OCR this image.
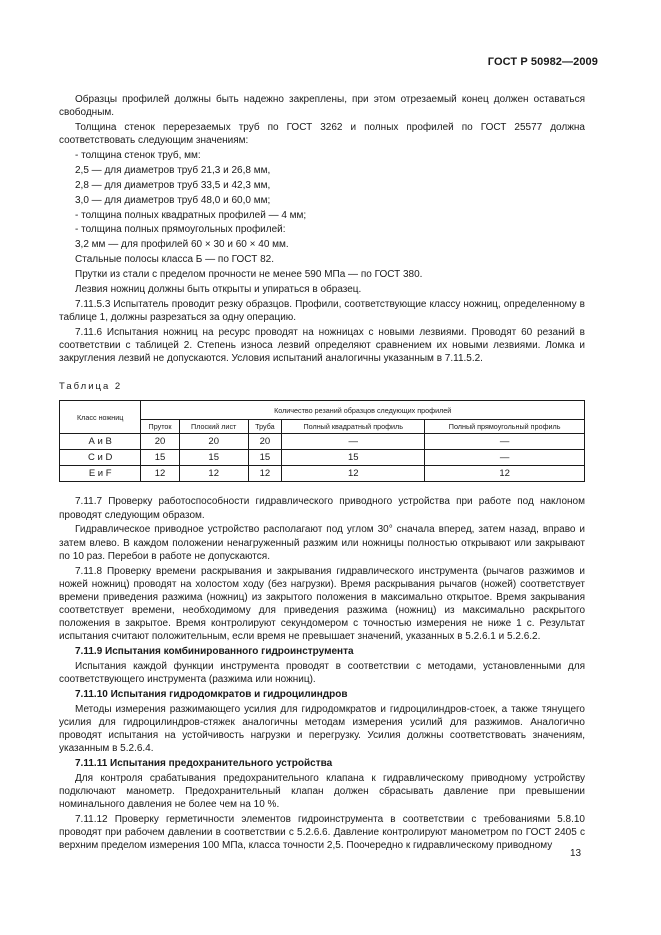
ГОСТ Р 50982—2009

Образцы профилей должны быть надежно закреплены, при этом отрезаемый конец должен оставаться свободным.

Толщина стенок перерезаемых труб по ГОСТ 3262 и полных профилей по ГОСТ 25577 должна соответствовать следующим значениям:

- толщина стенок труб, мм:

2,5 — для диаметров труб 21,3 и 26,8 мм,

2,8 — для диаметров труб 33,5 и 42,3 мм,

3,0 — для диаметров труб 48,0 и 60,0 мм;

- толщина полных квадратных профилей — 4 мм;

- толщина полных прямоугольных профилей:

3,2 мм — для профилей 60 × 30 и 60 × 40 мм.

Стальные полосы класса Б — по ГОСТ 82.

Прутки из стали с пределом прочности не менее 590 МПа — по ГОСТ 380.

Лезвия ножниц должны быть открыты и упираться в образец.

7.11.5.3 Испытатель проводит резку образцов. Профили, соответствующие классу ножниц, определенному в таблице 1, должны разрезаться за одну операцию.

7.11.6 Испытания ножниц на ресурс проводят на ножницах с новыми лезвиями. Проводят 60 резаний в соответствии с таблицей 2. Степень износа лезвий определяют сравнением их новыми лезвиями. Ломка и закругления лезвий не допускаются. Условия испытаний аналогичны указанным в 7.11.5.2.

Таблица 2
Класс ножниц	Количество резаний образцов следующих профилей				
	Пруток	Плоский лист	Труба	Полный квадратный профиль	Полный прямоугольный профиль
А и В	20	20	20	—	—
С и D	15	15	15	15	—
Е и F	12	12	12	12	12

7.11.7 Проверку работоспособности гидравлического приводного устройства при работе под наклоном проводят следующим образом.

Гидравлическое приводное устройство располагают под углом 30° сначала вперед, затем назад, вправо и затем влево. В каждом положении ненагруженный разжим или ножницы полностью открывают или закрывают по 10 раз. Перебои в работе не допускаются.

7.11.8 Проверку времени раскрывания и закрывания гидравлического инструмента (рычагов разжимов и ножей ножниц) проводят на холостом ходу (без нагрузки). Время раскрывания рычагов (ножей) соответствует времени приведения разжима (ножниц) из закрытого положения в максимально открытое. Время закрывания соответствует времени, необходимому для приведения разжима (ножниц) из максимально раскрытого положения в закрытое. Время контролируют секундомером с точностью измерения не ниже 1 с. Результат испытания считают положительным, если время не превышает значений, указанных в 5.2.6.1 и 5.2.6.2.

7.11.9 Испытания комбинированного гидроинструмента

Испытания каждой функции инструмента проводят в соответствии с методами, установленными для соответствующего инструмента (разжима или ножниц).

7.11.10 Испытания гидродомкратов и гидроцилиндров

Методы измерения разжимающего усилия для гидродомкратов и гидроцилиндров-стоек, а также тянущего усилия для гидроцилиндров-стяжек аналогичны методам измерения усилий для разжимов. Аналогично проводят испытания на устойчивость нагрузки и перегрузку. Усилия должны соответствовать значениям, указанным в 5.2.6.4.

7.11.11 Испытания предохранительного устройства

Для контроля срабатывания предохранительного клапана к гидравлическому приводному устройству подключают манометр. Предохранительный клапан должен сбрасывать давление при превышении номинального давления не более чем на 10 %.

7.11.12 Проверку герметичности элементов гидроинструмента в соответствии с требованиями 5.8.10 проводят при рабочем давлении в соответствии с 5.2.6.6. Давление контролируют манометром по ГОСТ 2405 с верхним пределом измерения 100 МПа, класса точности 2,5. Поочередно к гидравлическому приводному

13
